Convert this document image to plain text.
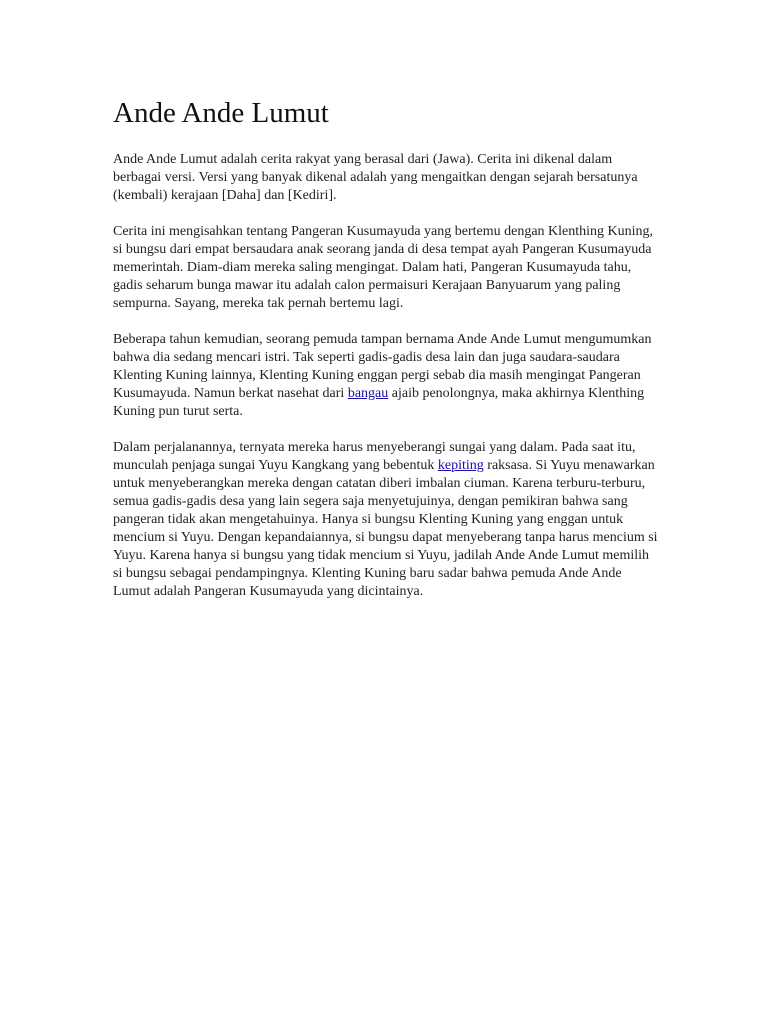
Ande Ande Lumut

Ande Ande Lumut adalah cerita rakyat yang berasal dari (Jawa). Cerita ini dikenal dalam berbagai versi. Versi yang banyak dikenal adalah yang mengaitkan dengan sejarah bersatunya (kembali) kerajaan [Daha] dan [Kediri].

Cerita ini mengisahkan tentang Pangeran Kusumayuda yang bertemu dengan Klenthing Kuning, si bungsu dari empat bersaudara anak seorang janda di desa tempat ayah Pangeran Kusumayuda memerintah. Diam-diam mereka saling mengingat. Dalam hati, Pangeran Kusumayuda tahu, gadis seharum bunga mawar itu adalah calon permaisuri Kerajaan Banyuarum yang paling sempurna. Sayang, mereka tak pernah bertemu lagi.

Beberapa tahun kemudian, seorang pemuda tampan bernama Ande Ande Lumut mengumumkan bahwa dia sedang mencari istri. Tak seperti gadis-gadis desa lain dan juga saudara-saudara Klenting Kuning lainnya, Klenting Kuning enggan pergi sebab dia masih mengingat Pangeran Kusumayuda. Namun berkat nasehat dari bangau ajaib penolongnya, maka akhirnya Klenthing Kuning pun turut serta.

Dalam perjalanannya, ternyata mereka harus menyeberangi sungai yang dalam. Pada saat itu, munculah penjaga sungai Yuyu Kangkang yang bebentuk kepiting raksasa. Si Yuyu menawarkan untuk menyeberangkan mereka dengan catatan diberi imbalan ciuman. Karena terburu-terburu, semua gadis-gadis desa yang lain segera saja menyetujuinya, dengan pemikiran bahwa sang pangeran tidak akan mengetahuinya. Hanya si bungsu Klenting Kuning yang enggan untuk mencium si Yuyu. Dengan kepandaiannya, si bungsu dapat menyeberang tanpa harus mencium si Yuyu. Karena hanya si bungsu yang tidak mencium si Yuyu, jadilah Ande Ande Lumut memilih si bungsu sebagai pendampingnya. Klenting Kuning baru sadar bahwa pemuda Ande Ande Lumut adalah Pangeran Kusumayuda yang dicintainya.
